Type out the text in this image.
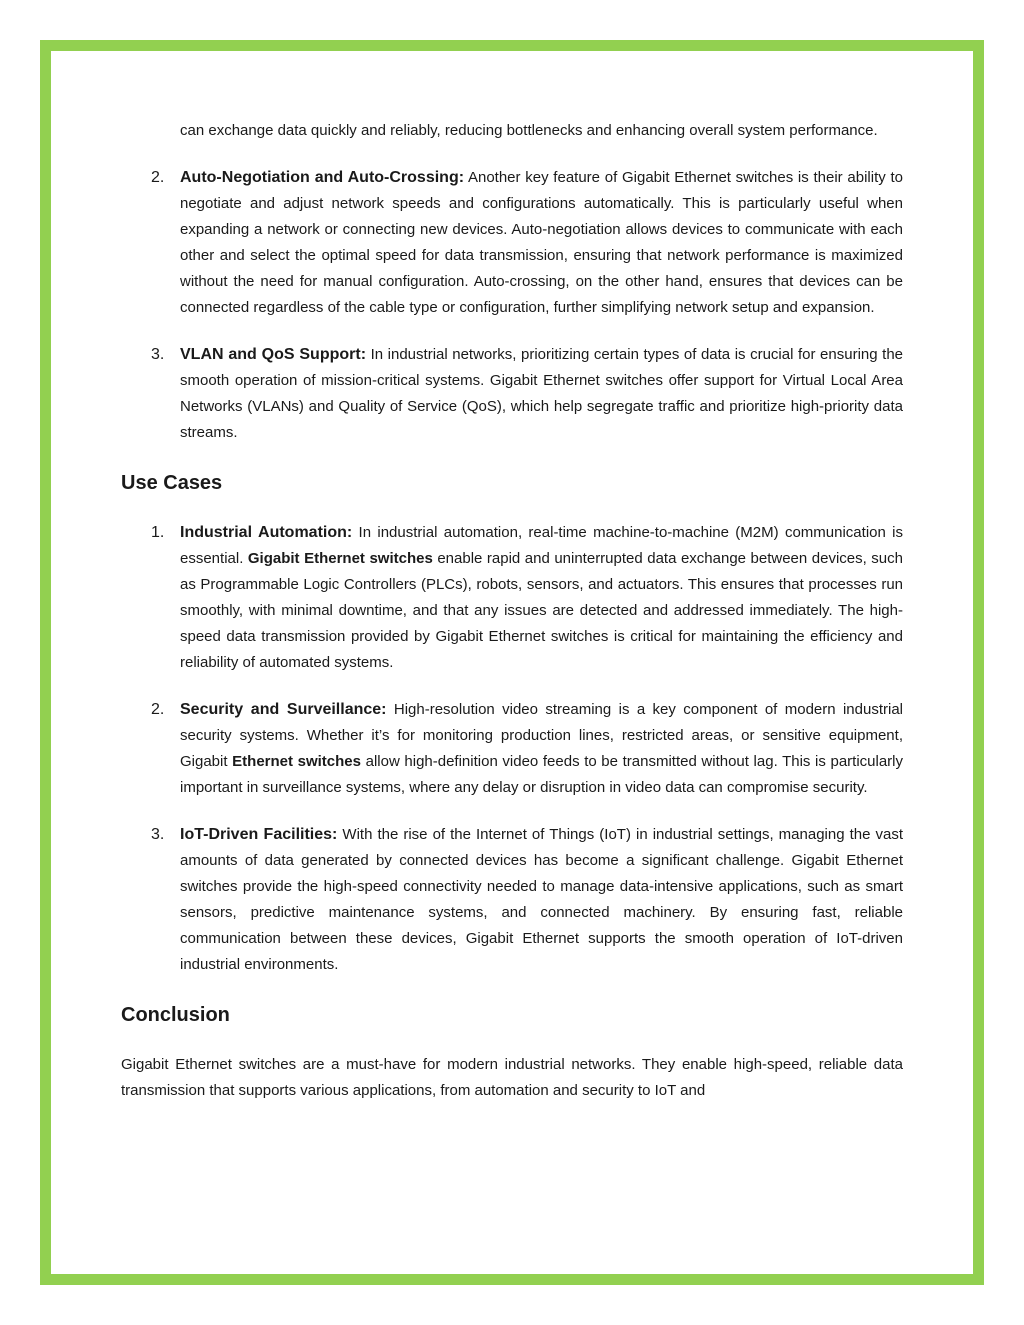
can exchange data quickly and reliably, reducing bottlenecks and enhancing overall system performance.
2. Auto-Negotiation and Auto-Crossing: Another key feature of Gigabit Ethernet switches is their ability to negotiate and adjust network speeds and configurations automatically. This is particularly useful when expanding a network or connecting new devices. Auto-negotiation allows devices to communicate with each other and select the optimal speed for data transmission, ensuring that network performance is maximized without the need for manual configuration. Auto-crossing, on the other hand, ensures that devices can be connected regardless of the cable type or configuration, further simplifying network setup and expansion.
3. VLAN and QoS Support: In industrial networks, prioritizing certain types of data is crucial for ensuring the smooth operation of mission-critical systems. Gigabit Ethernet switches offer support for Virtual Local Area Networks (VLANs) and Quality of Service (QoS), which help segregate traffic and prioritize high-priority data streams.
Use Cases
1. Industrial Automation: In industrial automation, real-time machine-to-machine (M2M) communication is essential. Gigabit Ethernet switches enable rapid and uninterrupted data exchange between devices, such as Programmable Logic Controllers (PLCs), robots, sensors, and actuators. This ensures that processes run smoothly, with minimal downtime, and that any issues are detected and addressed immediately. The high-speed data transmission provided by Gigabit Ethernet switches is critical for maintaining the efficiency and reliability of automated systems.
2. Security and Surveillance: High-resolution video streaming is a key component of modern industrial security systems. Whether it’s for monitoring production lines, restricted areas, or sensitive equipment, Gigabit Ethernet switches allow high-definition video feeds to be transmitted without lag. This is particularly important in surveillance systems, where any delay or disruption in video data can compromise security.
3. IoT-Driven Facilities: With the rise of the Internet of Things (IoT) in industrial settings, managing the vast amounts of data generated by connected devices has become a significant challenge. Gigabit Ethernet switches provide the high-speed connectivity needed to manage data-intensive applications, such as smart sensors, predictive maintenance systems, and connected machinery. By ensuring fast, reliable communication between these devices, Gigabit Ethernet supports the smooth operation of IoT-driven industrial environments.
Conclusion

Gigabit Ethernet switches are a must-have for modern industrial networks. They enable high-speed, reliable data transmission that supports various applications, from automation and security to IoT and
